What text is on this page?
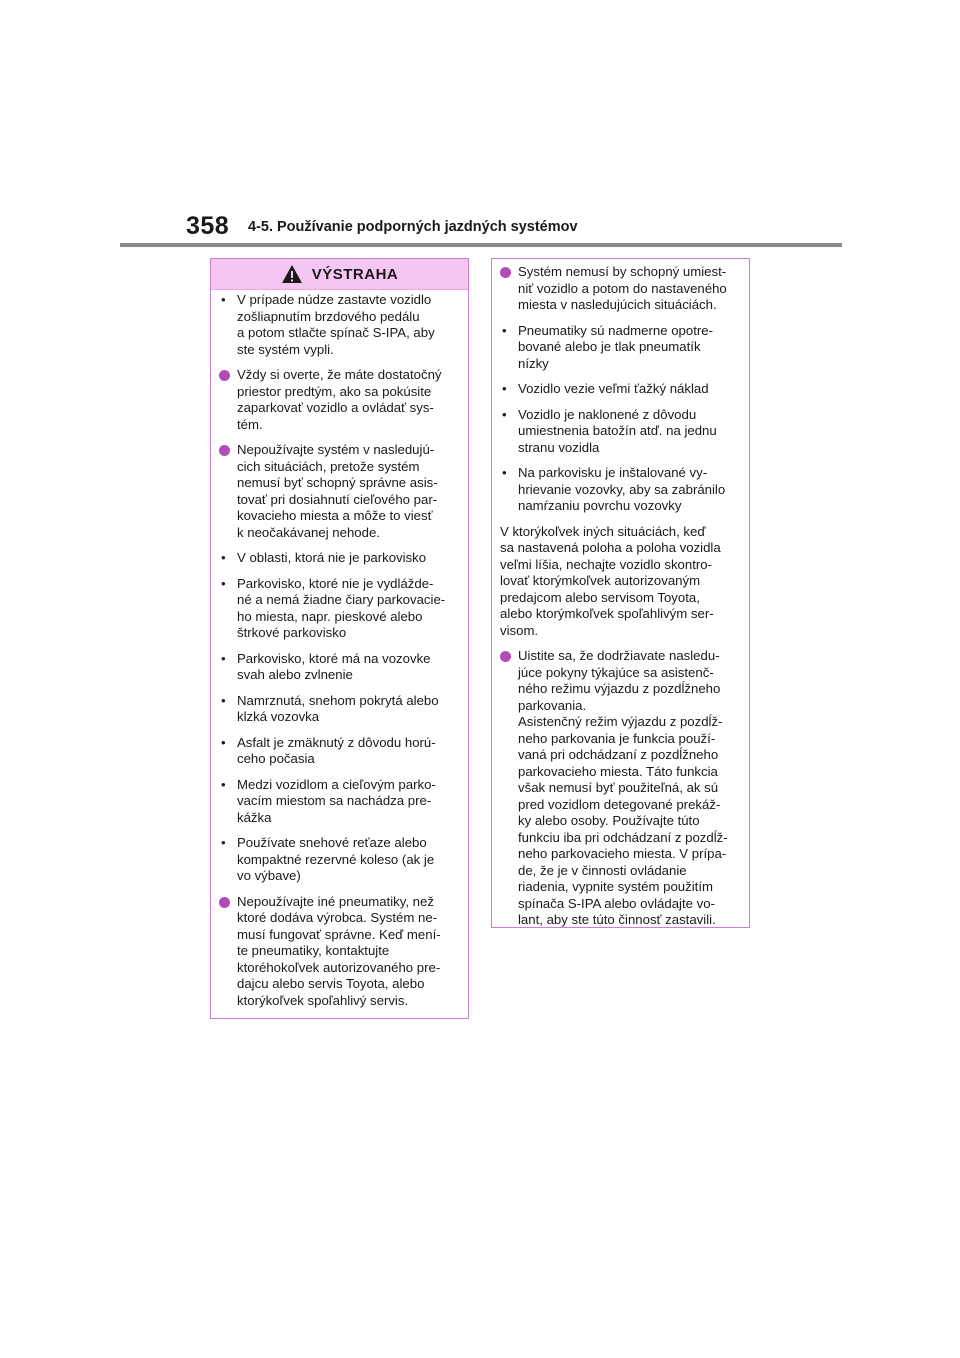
358 4-5. Používanie podporných jazdných systémov
VÝSTRAHA
• V prípade núdze zastavte vozidlo
zošliapnutím brzdového pedálu
a potom stlačte spínač S-IPA, aby
ste systém vypli.
Vždy si overte, že máte dostatočný
priestor predtým, ako sa pokúsite
zaparkovať vozidlo a ovládať sys-
tém.
Nepoužívajte systém v nasledujú-
cich situáciách, pretože systém
nemusí byť schopný správne asis-
tovať pri dosiahnutí cieľového par-
kovacieho miesta a môže to viesť
k neočakávanej nehode.
• V oblasti, ktorá nie je parkovisko
• Parkovisko, ktoré nie je vydlážde-
né a nemá žiadne čiary parkovacie-
ho miesta, napr. pieskové alebo
štrkové parkovisko
• Parkovisko, ktoré má na vozovke
svah alebo zvlnenie
• Namrznutá, snehom pokrytá alebo
klzká vozovka
• Asfalt je zmäknutý z dôvodu horú-
ceho počasia
• Medzi vozidlom a cieľovým parko-
vacím miestom sa nachádza pre-
kážka
• Používate snehové reťaze alebo
kompaktné rezervné koleso (ak je
vo výbave)
Nepoužívajte iné pneumatiky, než
ktoré dodáva výrobca. Systém ne-
musí fungovať správne. Keď mení-
te pneumatiky, kontaktujte
ktoréhokoľvek autorizovaného pre-
dajcu alebo servis Toyota, alebo
ktorýkoľvek spoľahlivý servis.
Systém nemusí by schopný umiest-
niť vozidlo a potom do nastaveného
miesta v nasledujúcich situáciách.
• Pneumatiky sú nadmerne opotre-
bované alebo je tlak pneumatík
nízky
• Vozidlo vezie veľmi ťažký náklad
• Vozidlo je naklonené z dôvodu
umiestnenia batožín atď. na jednu
stranu vozidla
• Na parkovisku je inštalované vy-
hrievanie vozovky, aby sa zabránilo
namŕzaniu povrchu vozovky
V ktorýkoľvek iných situáciách, keď
sa nastavená poloha a poloha vozidla
veľmi líšia, nechajte vozidlo skontro-
lovať ktorýmkoľvek autorizovaným
predajcom alebo servisom Toyota,
alebo ktorýmkoľvek spoľahlivým ser-
visom.
Uistite sa, že dodržiavate nasledu-
júce pokyny týkajúce sa asistenč-
ného režimu výjazdu z pozdĺžneho
parkovania.
Asistenčný režim výjazdu z pozdĺž-
neho parkovania je funkcia použí-
vaná pri odchádzaní z pozdĺžneho
parkovacieho miesta. Táto funkcia
však nemusí byť použiteľná, ak sú
pred vozidlom detegované prekáž-
ky alebo osoby. Používajte túto
funkciu iba pri odchádzaní z pozdĺž-
neho parkovacieho miesta. V prípa-
de, že je v činnosti ovládanie
riadenia, vypnite systém použitím
spínača S-IPA alebo ovládajte vo-
lant, aby ste túto činnosť zastavili.
